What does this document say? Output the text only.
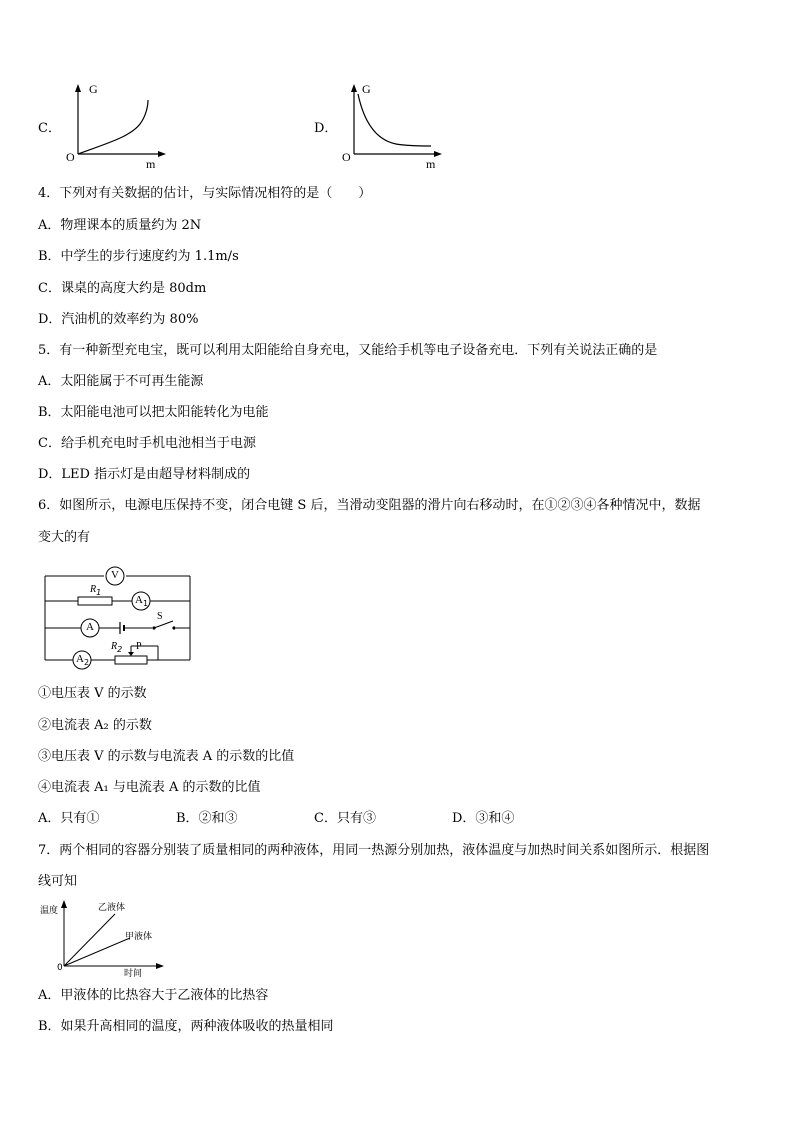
C．
G
O	m
D．
G
O	m
4．下列对有关数据的估计，与实际情况相符的是（　　）
A．物理课本的质量约为 2N
B．中学生的步行速度约为 1.1m/s
C．课桌的高度大约是 80dm
D．汽油机的效率约为 80%
5．有一种新型充电宝，既可以利用太阳能给自身充电，又能给手机等电子设备充电．下列有关说法正确的是
A．太阳能属于不可再生能源
B．太阳能电池可以把太阳能转化为电能
C．给手机充电时手机电池相当于电源
D．LED 指示灯是由超导材料制成的
6．如图所示，电源电压保持不变，闭合电键 S 后，当滑动变阻器的滑片向右移动时，在①②③④各种情况中，数据
变大的有
V
$R_1$
$A_1$
S
A
$A_2$
$R_2$ P
①电压表 V 的示数
②电流表 A₂ 的示数
③电压表 V 的示数与电流表 A 的示数的比值
④电流表 A₁ 与电流表 A 的示数的比值
A．只有①	B．②和③	C．只有③	D．③和④
7．两个相同的容器分别装了质量相同的两种液体，用同一热源分别加热，液体温度与加热时间关系如图所示．根据图
线可知
温度
0
时间
乙液体
甲液体
A．甲液体的比热容大于乙液体的比热容
B．如果升高相同的温度，两种液体吸收的热量相同
